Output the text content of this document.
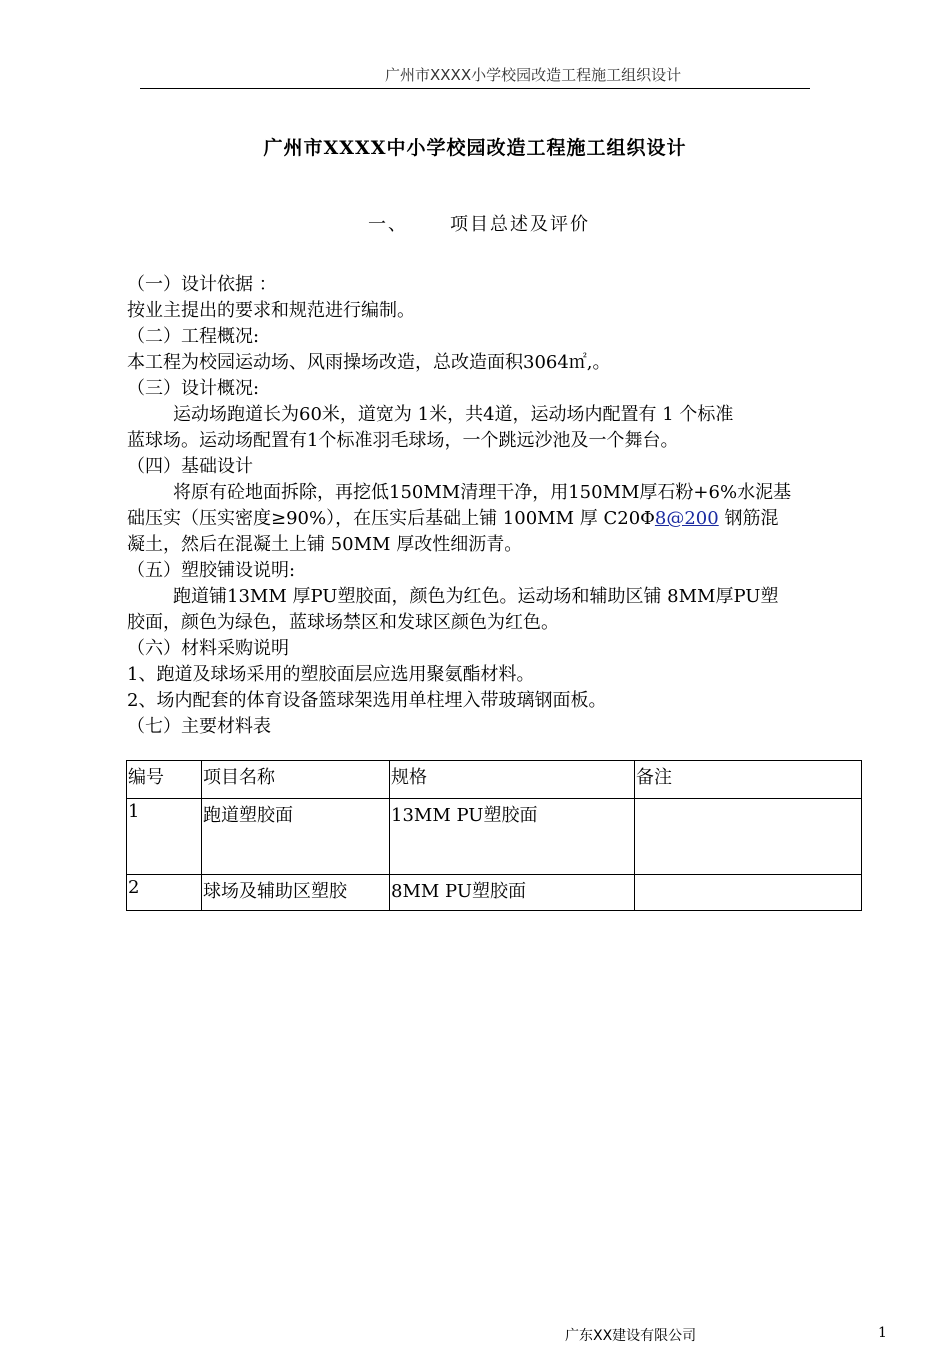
广州市XXXX小学校园改造工程施工组织设计
广州市XXXX中小学校园改造工程施工组织设计
一、 项目总述及评价
（一）设计依据 ：
按业主提出的要求和规范进行编制。
（二）工程概况:
本工程为校园运动场、风雨操场改造，总改造面积3064㎡,。
（三）设计概况:
运动场跑道长为60米，道宽为 1米，共4道，运动场内配置有 1 个标准
蓝球场。运动场配置有1个标准羽毛球场，一个跳远沙池及一个舞台。
（四）基础设计
将原有砼地面拆除，再挖低150MM清理干净，用150MM厚石粉+6%水泥基
础压实（压实密度≥90%），在压实后基础上铺 100MM 厚 C20Φ8@200 钢筋混
凝土，然后在混凝土上铺 50MM 厚改性细沥青。
（五）塑胶铺设说明:
跑道铺13MM 厚PU塑胶面，颜色为红色。运动场和辅助区铺 8MM厚PU塑
胶面，颜色为绿色，蓝球场禁区和发球区颜色为红色。
（六）材料采购说明
1、跑道及球场采用的塑胶面层应选用聚氨酯材料。
2、场内配套的体育设备篮球架选用单柱埋入带玻璃钢面板。
（七）主要材料表
编号	项目名称	规格	备注
1	跑道塑胶面	13MM PU塑胶面	
2	球场及辅助区塑胶	8MM PU塑胶面	
广东XX建设有限公司	1
